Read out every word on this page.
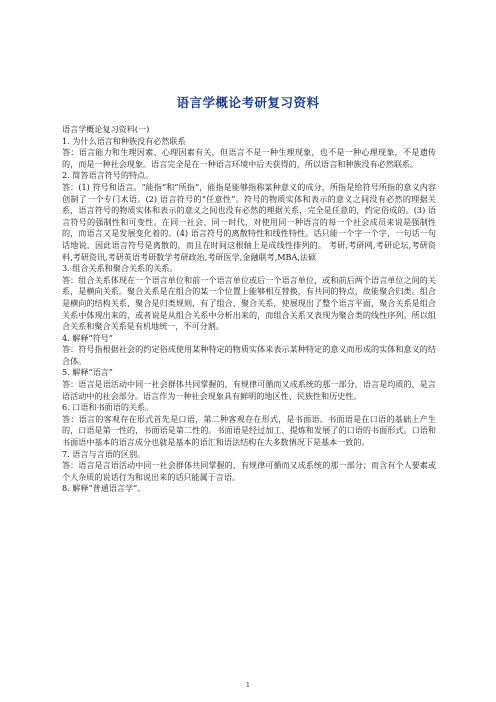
语言学概论考研复习资料

语言学概论复习资料(一)

1. 为什么语言和种族没有必然联系

答：语言能力和生理因素、心理因素有关，但语言不是一种生理现象，也不是一种心理现象，不是遗传的，而是一种社会现象。语言完全是在一种语言环境中后天获得的，所以语言和种族没有必然联系。

2. 简答语言符号的特点。

答：(1) 符号和语言。“能指”和“所指”，能指是能够指称某种意义的成分，所指是给符号所指的意义内容创制了一个专门术语。(2) 语言符号的“任意性”。符号的物质实体和表示的意义之间没有必然的理据关系，语言符号的物质实体和表示的意义之间也没有必然的理据关系，完全是任意的，约定俗成的。(3) 语言符号的强制性和可变性。在同一社会、同一时代，对使用同一种语言的每一个社会成员来说是强制性的，而语言又是发展变化着的。(4) 语言符号的离散特性和线性特性。话只能一个字一个字，一句话一句话地说，因此语言符号是离散的，而且在时间这根轴上是成线性排列的。 考研,考研网,考研论坛,考研资料,考研资讯,考研英语考研数学考研政治,考研医学,金融联考,MBA,法硕

3. 组合关系和聚合关系的关系。

答：组合关系体现在一个语言单位和前一个语言单位或后一个语言单位，或和前后两个语言单位之间的关系，是横向关系。聚合关系是在组合的某一个位置上能够相互替换，有共同的特点，故能聚合归类。组合是横向的结构关系，聚合是归类规则，有了组合、聚合关系，使展现出了整个语言平面，聚合关系是组合关系中体现出来的，或者说是从组合关系中分析出来的，而组合关系又表现为聚合类的线性序列。所以组合关系和聚合关系是有机地统一，不可分割。

4. 解释“符号”

答：符号指根据社会的约定俗成使用某种特定的物质实体来表示某种特定的意义而形成的实体和意义的结合体。

5. 解释“语言”

答：语言是语活动中同一社会群体共同掌握的，有规律可循而又成系统的那一部分，语言是均质的，是言语活动中的社会部分。语言作为一种社会现象具有鲜明的地区性、民族性和历史性。

6. 口语和书面语的关系。

答：语言的客观存在形式首先是口语，第二种客观存在形式，是书面语。书面语是在口语的基础上产生的，口语是第一性的，书面语是第二性的。书面语是经过加工、提炼和发展了的口语的书面形式。口语和书面语中基本的语言成分也就是基本的语汇和语法结构在大多数情况下是基本一致的。

7. 语言与言语的区别。

答：语言是言语活动中同一社会群体共同掌握的、有规律可循而又成系统的那一部分；而含有个人要素或个人杂质的说话行为和说出来的话只能属于言语。

8. 解释“普通语言学”。

1
